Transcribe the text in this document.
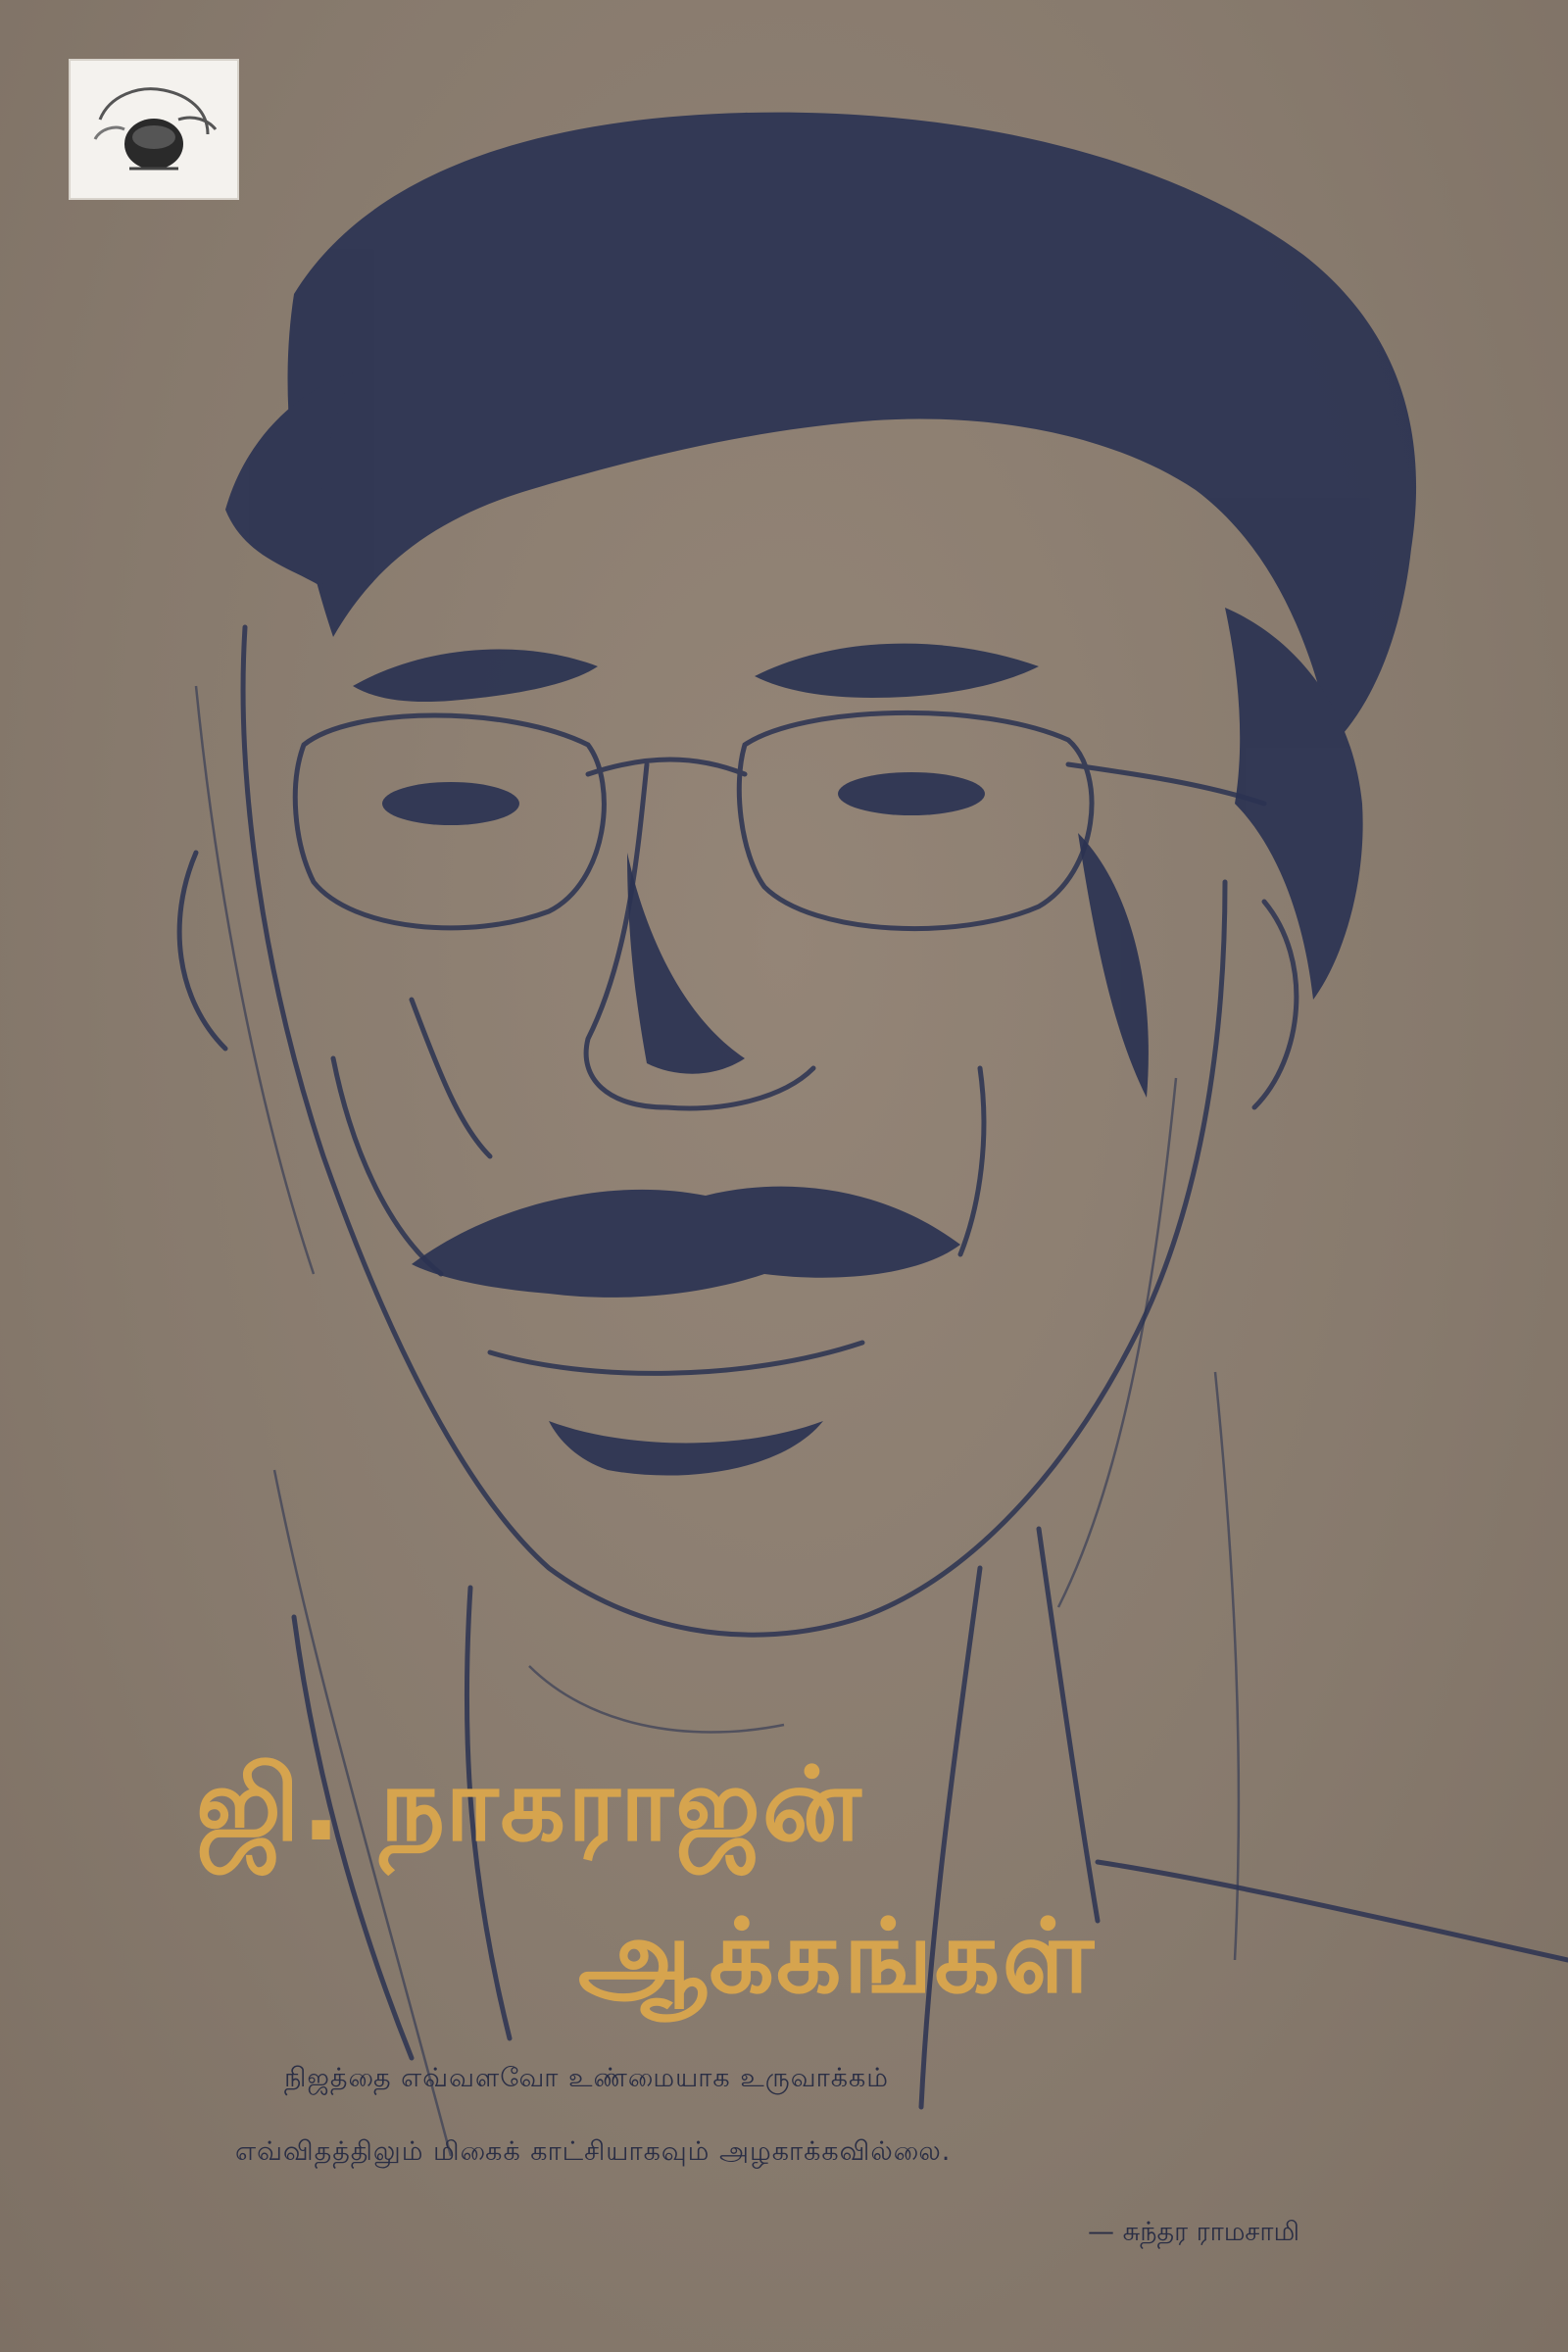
ஜி. நாகராஜன்
ஆக்கங்கள்
நிஜத்தை எவ்வளவோ உண்மையாக உருவாக்கம்
எவ்விதத்திலும் மிகைக் காட்சியாகவும் அழகாக்கவில்லை.
— சுந்தர ராமசாமி
